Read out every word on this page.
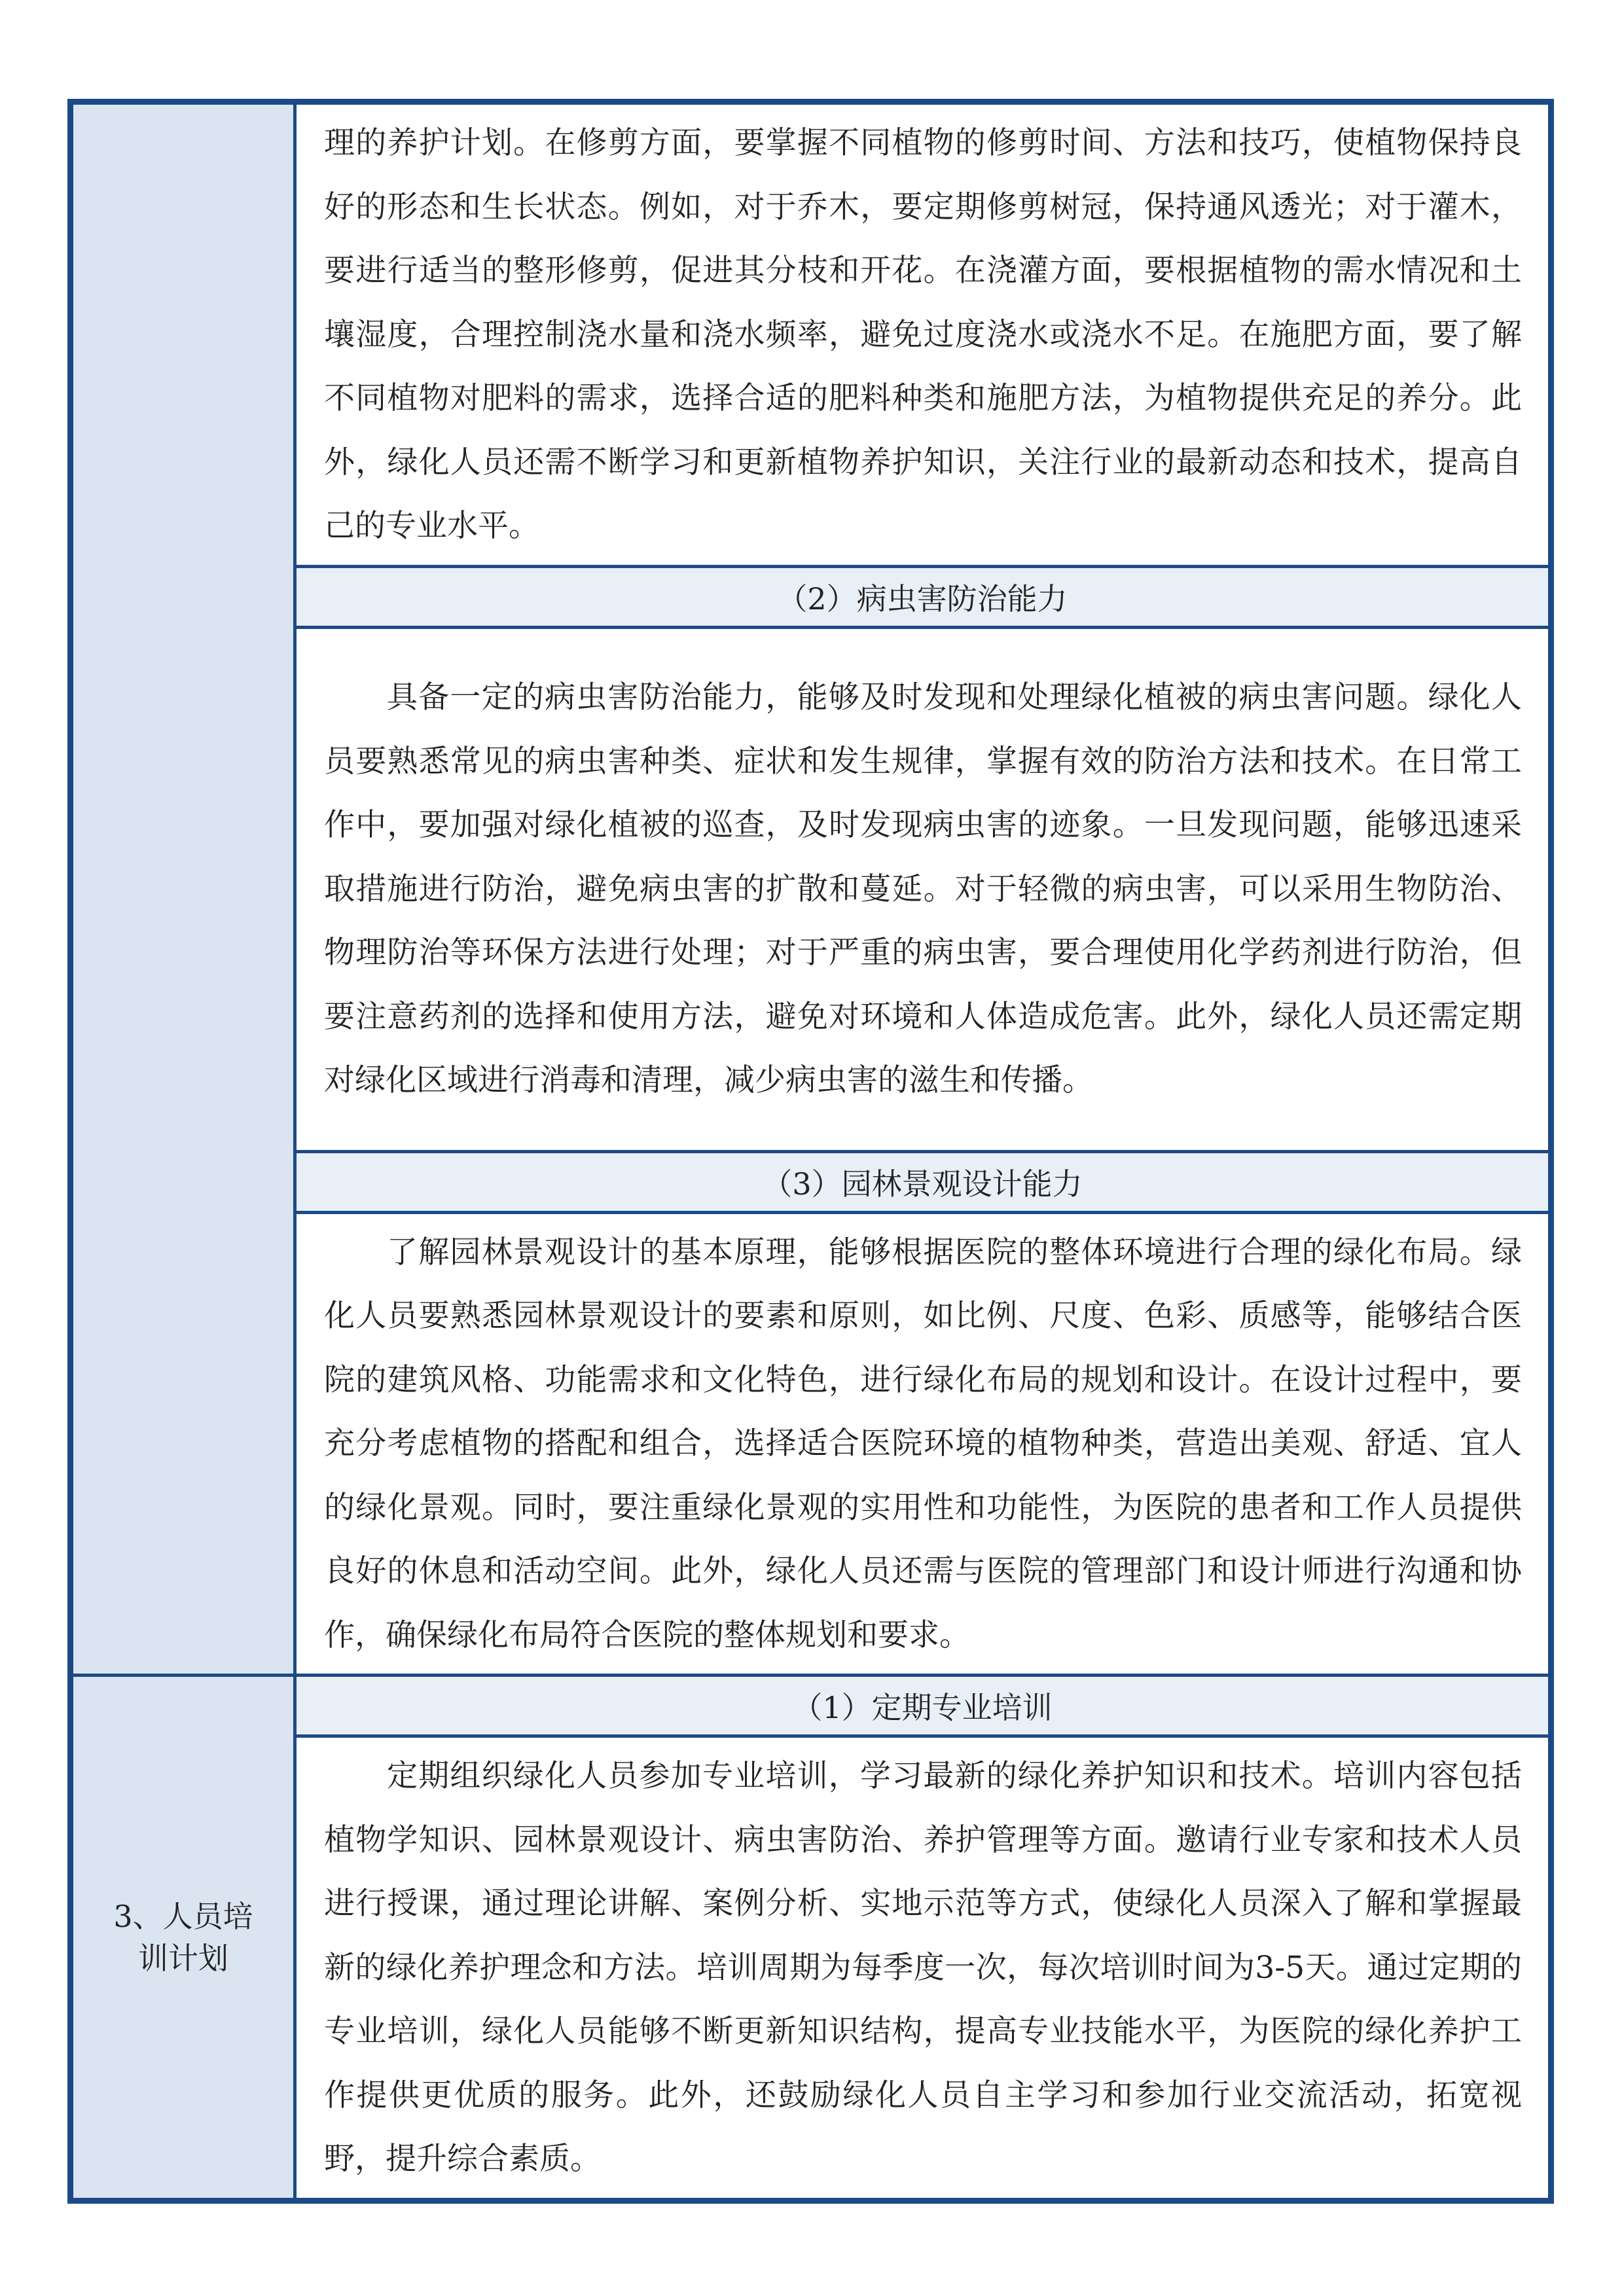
	理的养护计划。在修剪方面，要掌握不同植物的修剪时间、方法和技巧，使植物保持良好的形态和生长状态。例如，对于乔木，要定期修剪树冠，保持通风透光；对于灌木，要进行适当的整形修剪，促进其分枝和开花。在浇灌方面，要根据植物的需水情况和土壤湿度，合理控制浇水量和浇水频率，避免过度浇水或浇水不足。在施肥方面，要了解不同植物对肥料的需求，选择合适的肥料种类和施肥方法，为植物提供充足的养分。此外，绿化人员还需不断学习和更新植物养护知识，关注行业的最新动态和技术，提高自己的专业水平。

	（2）病虫害防治能力

	具备一定的病虫害防治能力，能够及时发现和处理绿化植被的病虫害问题。绿化人员要熟悉常见的病虫害种类、症状和发生规律，掌握有效的防治方法和技术。在日常工作中，要加强对绿化植被的巡查，及时发现病虫害的迹象。一旦发现问题，能够迅速采取措施进行防治，避免病虫害的扩散和蔓延。对于轻微的病虫害，可以采用生物防治、物理防治等环保方法进行处理；对于严重的病虫害，要合理使用化学药剂进行防治，但要注意药剂的选择和使用方法，避免对环境和人体造成危害。此外，绿化人员还需定期对绿化区域进行消毒和清理，减少病虫害的滋生和传播。

	（3）园林景观设计能力

	了解园林景观设计的基本原理，能够根据医院的整体环境进行合理的绿化布局。绿化人员要熟悉园林景观设计的要素和原则，如比例、尺度、色彩、质感等，能够结合医院的建筑风格、功能需求和文化特色，进行绿化布局的规划和设计。在设计过程中，要充分考虑植物的搭配和组合，选择适合医院环境的植物种类，营造出美观、舒适、宜人的绿化景观。同时，要注重绿化景观的实用性和功能性，为医院的患者和工作人员提供良好的休息和活动空间。此外，绿化人员还需与医院的管理部门和设计师进行沟通和协作，确保绿化布局符合医院的整体规划和要求。

3、人员培训计划	（1）定期专业培训

	定期组织绿化人员参加专业培训，学习最新的绿化养护知识和技术。培训内容包括植物学知识、园林景观设计、病虫害防治、养护管理等方面。邀请行业专家和技术人员进行授课，通过理论讲解、案例分析、实地示范等方式，使绿化人员深入了解和掌握最新的绿化养护理念和方法。培训周期为每季度一次，每次培训时间为3-5天。通过定期的专业培训，绿化人员能够不断更新知识结构，提高专业技能水平，为医院的绿化养护工作提供更优质的服务。此外，还鼓励绿化人员自主学习和参加行业交流活动，拓宽视野，提升综合素质。
